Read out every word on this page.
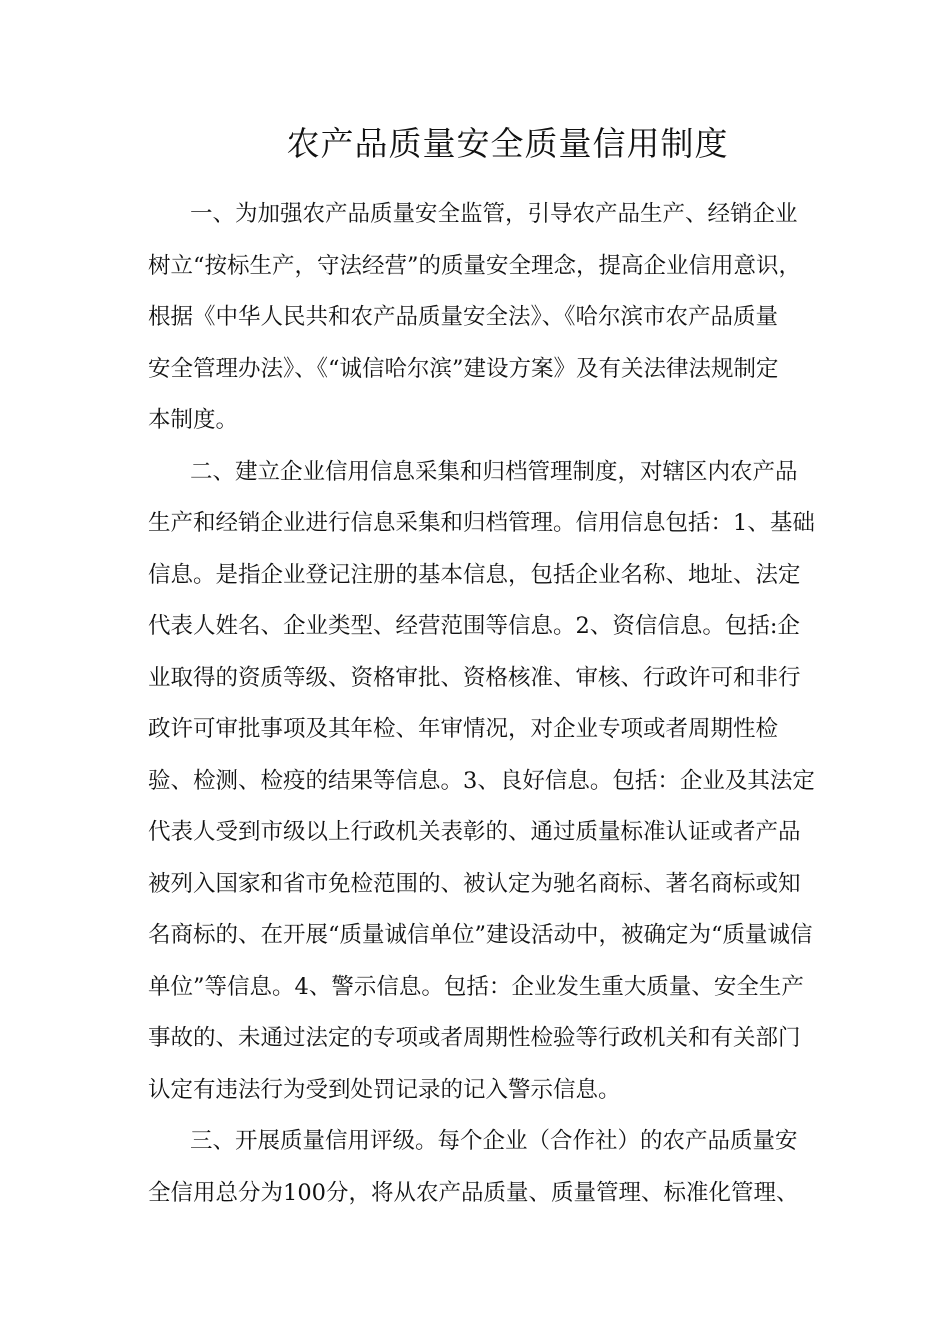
农产品质量安全质量信用制度
一、为加强农产品质量安全监管，引导农产品生产、经销企业
树立“按标生产，守法经营”的质量安全理念，提高企业信用意识，
根据《中华人民共和农产品质量安全法》、《哈尔滨市农产品质量
安全管理办法》、《“诚信哈尔滨”建设方案》及有关法律法规制定
本制度。
二、建立企业信用信息采集和归档管理制度，对辖区内农产品
生产和经销企业进行信息采集和归档管理。信用信息包括：1、基础
信息。是指企业登记注册的基本信息，包括企业名称、地址、法定
代表人姓名、企业类型、经营范围等信息。2、资信信息。包括:企
业取得的资质等级、资格审批、资格核准、审核、行政许可和非行
政许可审批事项及其年检、年审情况，对企业专项或者周期性检
验、检测、检疫的结果等信息。3、良好信息。包括：企业及其法定
代表人受到市级以上行政机关表彰的、通过质量标准认证或者产品
被列入国家和省市免检范围的、被认定为驰名商标、著名商标或知
名商标的、在开展“质量诚信单位”建设活动中，被确定为“质量诚信
单位”等信息。4、警示信息。包括：企业发生重大质量、安全生产
事故的、未通过法定的专项或者周期性检验等行政机关和有关部门
认定有违法行为受到处罚记录的记入警示信息。
三、开展质量信用评级。每个企业（合作社）的农产品质量安
全信用总分为100分，将从农产品质量、质量管理、标准化管理、
